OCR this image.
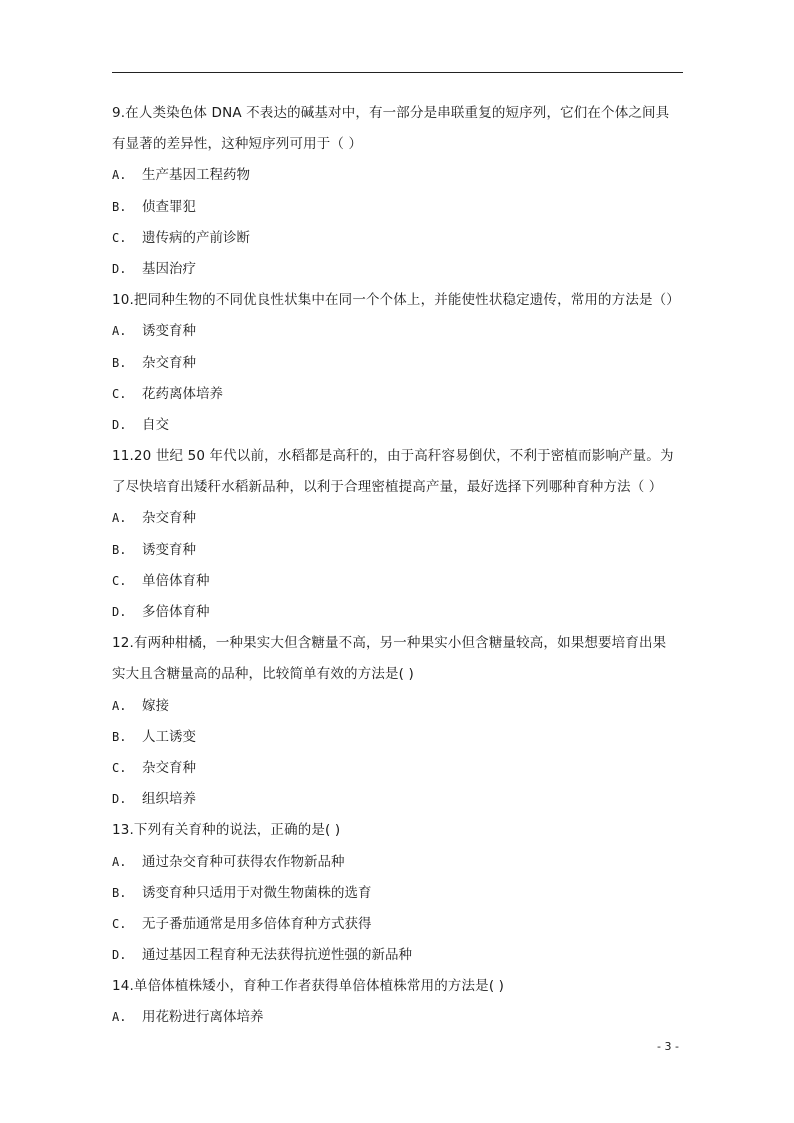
9.在人类染色体 DNA 不表达的碱基对中，有一部分是串联重复的短序列，它们在个体之间具
有显著的差异性，这种短序列可用于（ ）
A. 生产基因工程药物
B. 侦查罪犯
C. 遗传病的产前诊断
D. 基因治疗
10.把同种生物的不同优良性状集中在同一个个体上，并能使性状稳定遗传，常用的方法是（）
A. 诱变育种
B. 杂交育种
C. 花药离体培养
D. 自交
11.20 世纪 50 年代以前，水稻都是高秆的，由于高秆容易倒伏，不利于密植而影响产量。为
了尽快培育出矮秆水稻新品种，以利于合理密植提高产量，最好选择下列哪种育种方法（ ）
A. 杂交育种
B. 诱变育种
C. 单倍体育种
D. 多倍体育种
12.有两种柑橘，一种果实大但含糖量不高，另一种果实小但含糖量较高，如果想要培育出果
实大且含糖量高的品种，比较简单有效的方法是( )
A. 嫁接
B. 人工诱变
C. 杂交育种
D. 组织培养
13.下列有关育种的说法，正确的是( )
A. 通过杂交育种可获得农作物新品种
B. 诱变育种只适用于对微生物菌株的选育
C. 无子番茄通常是用多倍体育种方式获得
D. 通过基因工程育种无法获得抗逆性强的新品种
14.单倍体植株矮小，育种工作者获得单倍体植株常用的方法是( )
A. 用花粉进行离体培养
- 3 -
